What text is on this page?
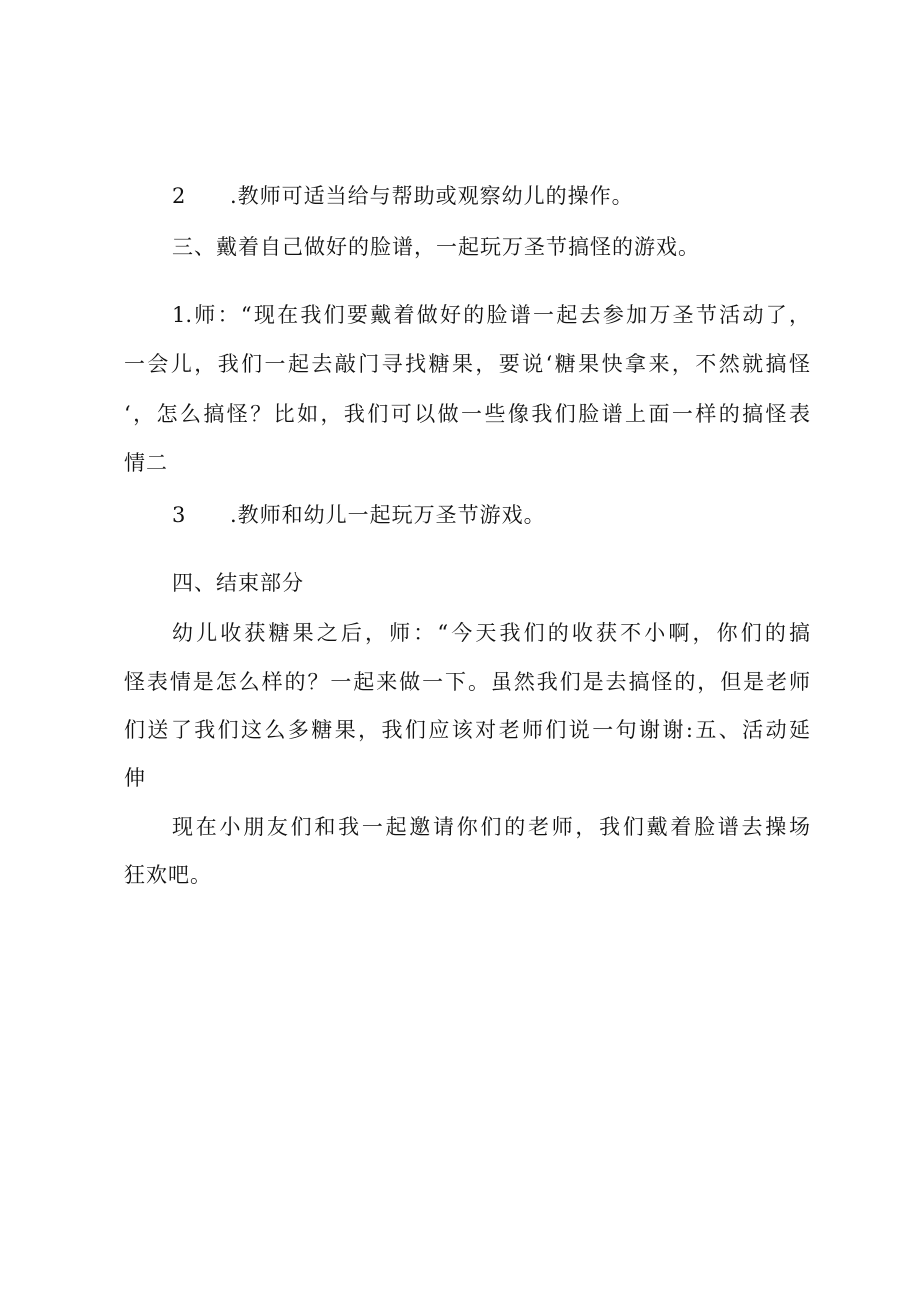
2 .教师可适当给与帮助或观察幼儿的操作。
三、戴着自己做好的脸谱，一起玩万圣节搞怪的游戏。
1.师：“现在我们要戴着做好的脸谱一起去参加万圣节活动了，
一会儿，我们一起去敲门寻找糖果，要说‘糖果快拿来，不然就搞怪
‘，怎么搞怪？比如，我们可以做一些像我们脸谱上面一样的搞怪表
情二
3 .教师和幼儿一起玩万圣节游戏。
四、结束部分
幼儿收获糖果之后，师：“今天我们的收获不小啊，你们的搞
怪表情是怎么样的？一起来做一下。虽然我们是去搞怪的，但是老师
们送了我们这么多糖果，我们应该对老师们说一句谢谢:五、活动延
伸
现在小朋友们和我一起邀请你们的老师，我们戴着脸谱去操场
狂欢吧。
